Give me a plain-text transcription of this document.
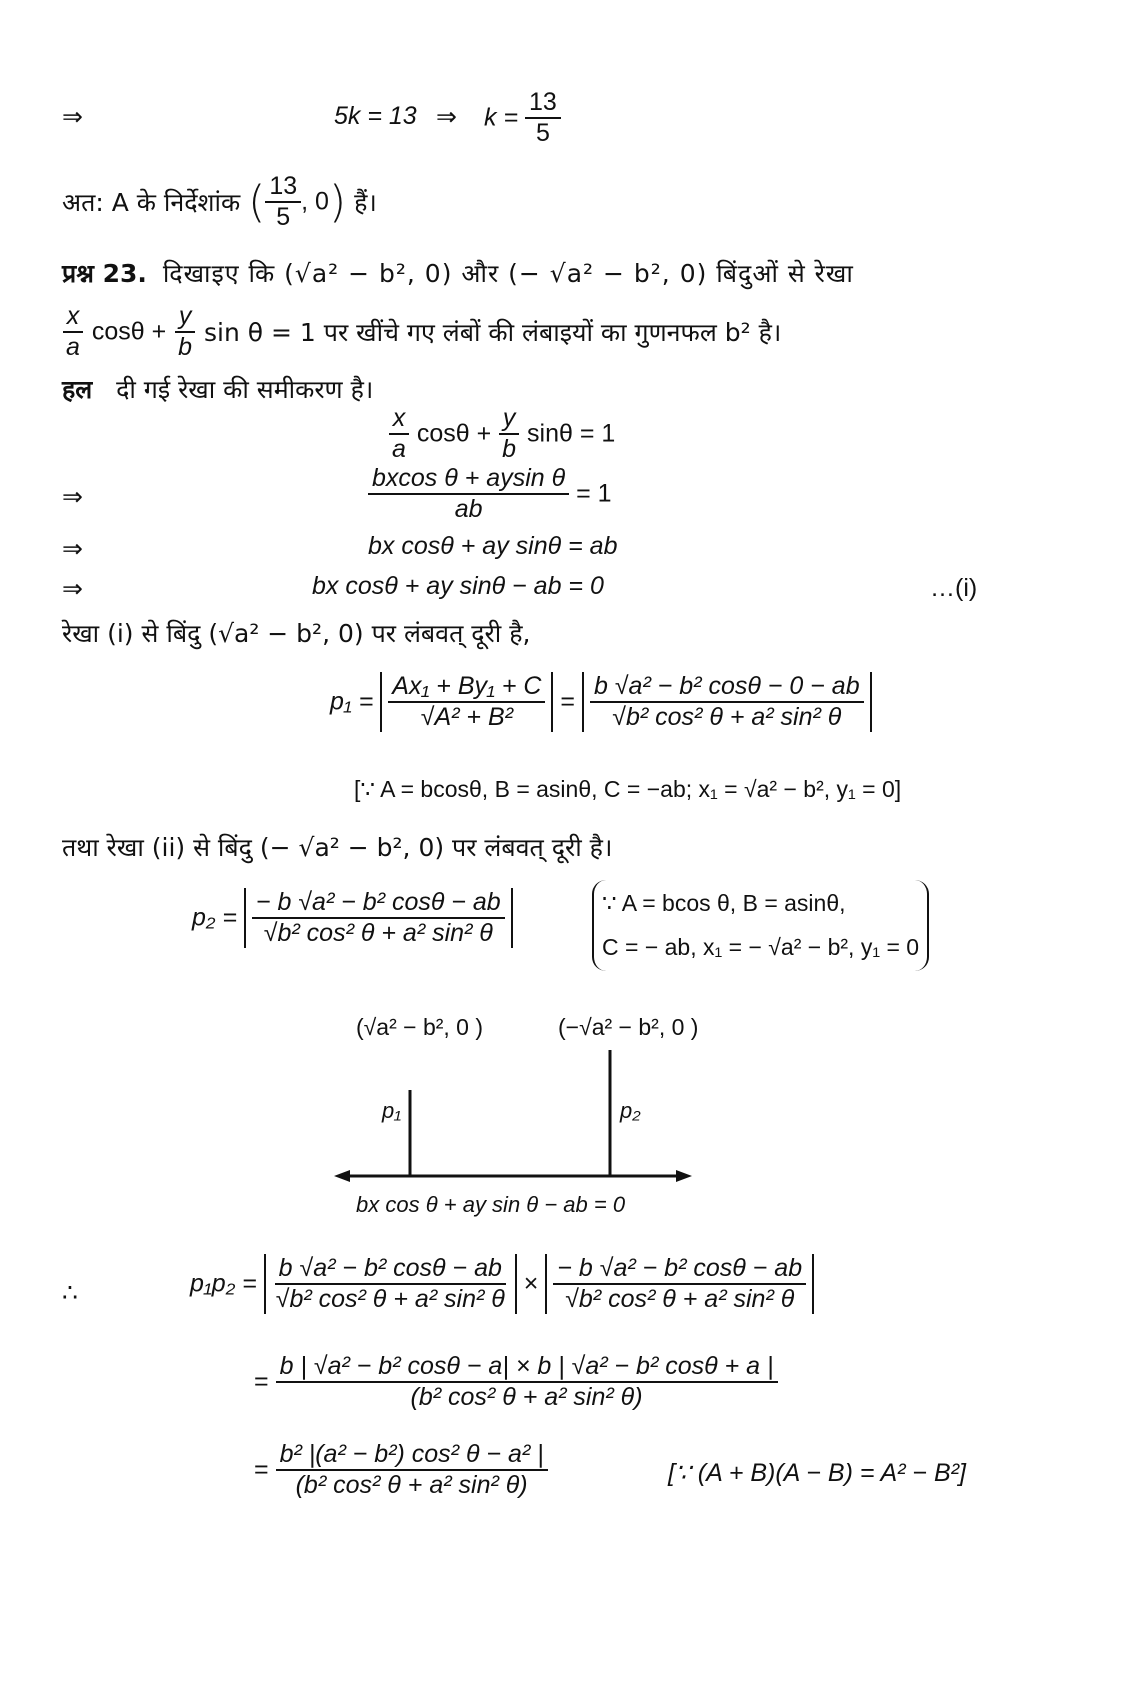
⇒	5k = 13 ⇒ $k = \frac{13}{5}$
अत: A के निर्देशांक ( $\frac{13}{5}$ , 0) हैं।
प्रश्न 23. दिखाइए कि (√a² − b², 0) और (− √a² − b², 0) बिंदुओं से रेखा
$\frac{x}{a}$ $\cos\theta + \frac{y}{b}$ sin θ = 1 पर खींचे गए लंबों की लंबाइयों का गुणनफल b² है।
हल दी गई रेखा की समीकरण है।
$\frac{x}{a}$ $\cos\theta + \frac{y}{b}$ sinθ = 1
⇒	$\frac{\text{bxcos θ + aysin θ}}{ab} = 1$
⇒	bx cosθ + ay sinθ = ab
⇒	bx cosθ + ay sinθ − ab = 0	…(i)
रेखा (i) से बिंदु (√a² − b², 0) पर लंबवत् दूरी है,
$p_1 = \frac{\text{Ax₁ + By₁ + C}}{\text{√A² + B²}} = \frac{\text{b √a² − b² cosθ − 0 − ab}}{\text{√b² cos² θ + a² sin² θ}}$
[∵ A = bcosθ, B = asinθ, C = −ab; x₁ = √a² − b², y₁ = 0]
तथा रेखा (ii) से बिंदु (− √a² − b², 0) पर लंबवत् दूरी है।
$p_2 = \frac{\text{− b √a² − b² cosθ − ab}}{\text{√b² cos² θ + a² sin² θ}}$	∵ A = bcos θ, B = asinθ,
C = − ab, x₁ = − √a² − b², y₁ = 0
(√a² − b², 0 )	(−√a² − b², 0 )
p₁	p₂
bx cos θ + ay sin θ − ab = 0
∴	$p_1p_2 = \frac{\text{b √a² − b² cosθ − ab}}{\text{√b² cos² θ + a² sin² θ}} \times \frac{\text{− b √a² − b² cosθ − ab}}{\text{√b² cos² θ + a² sin² θ}}$
= $\frac{\text{b | √a² − b² cosθ − a| × b | √a² − b² cosθ + a |}}{\text{(b² cos² θ + a² sin² θ)}}$
= $\frac{\text{b² |(a² − b²) cos² θ − a² |}}{\text{(b² cos² θ + a² sin² θ)}}$	[∵ (A + B)(A − B) = A² − B²]
